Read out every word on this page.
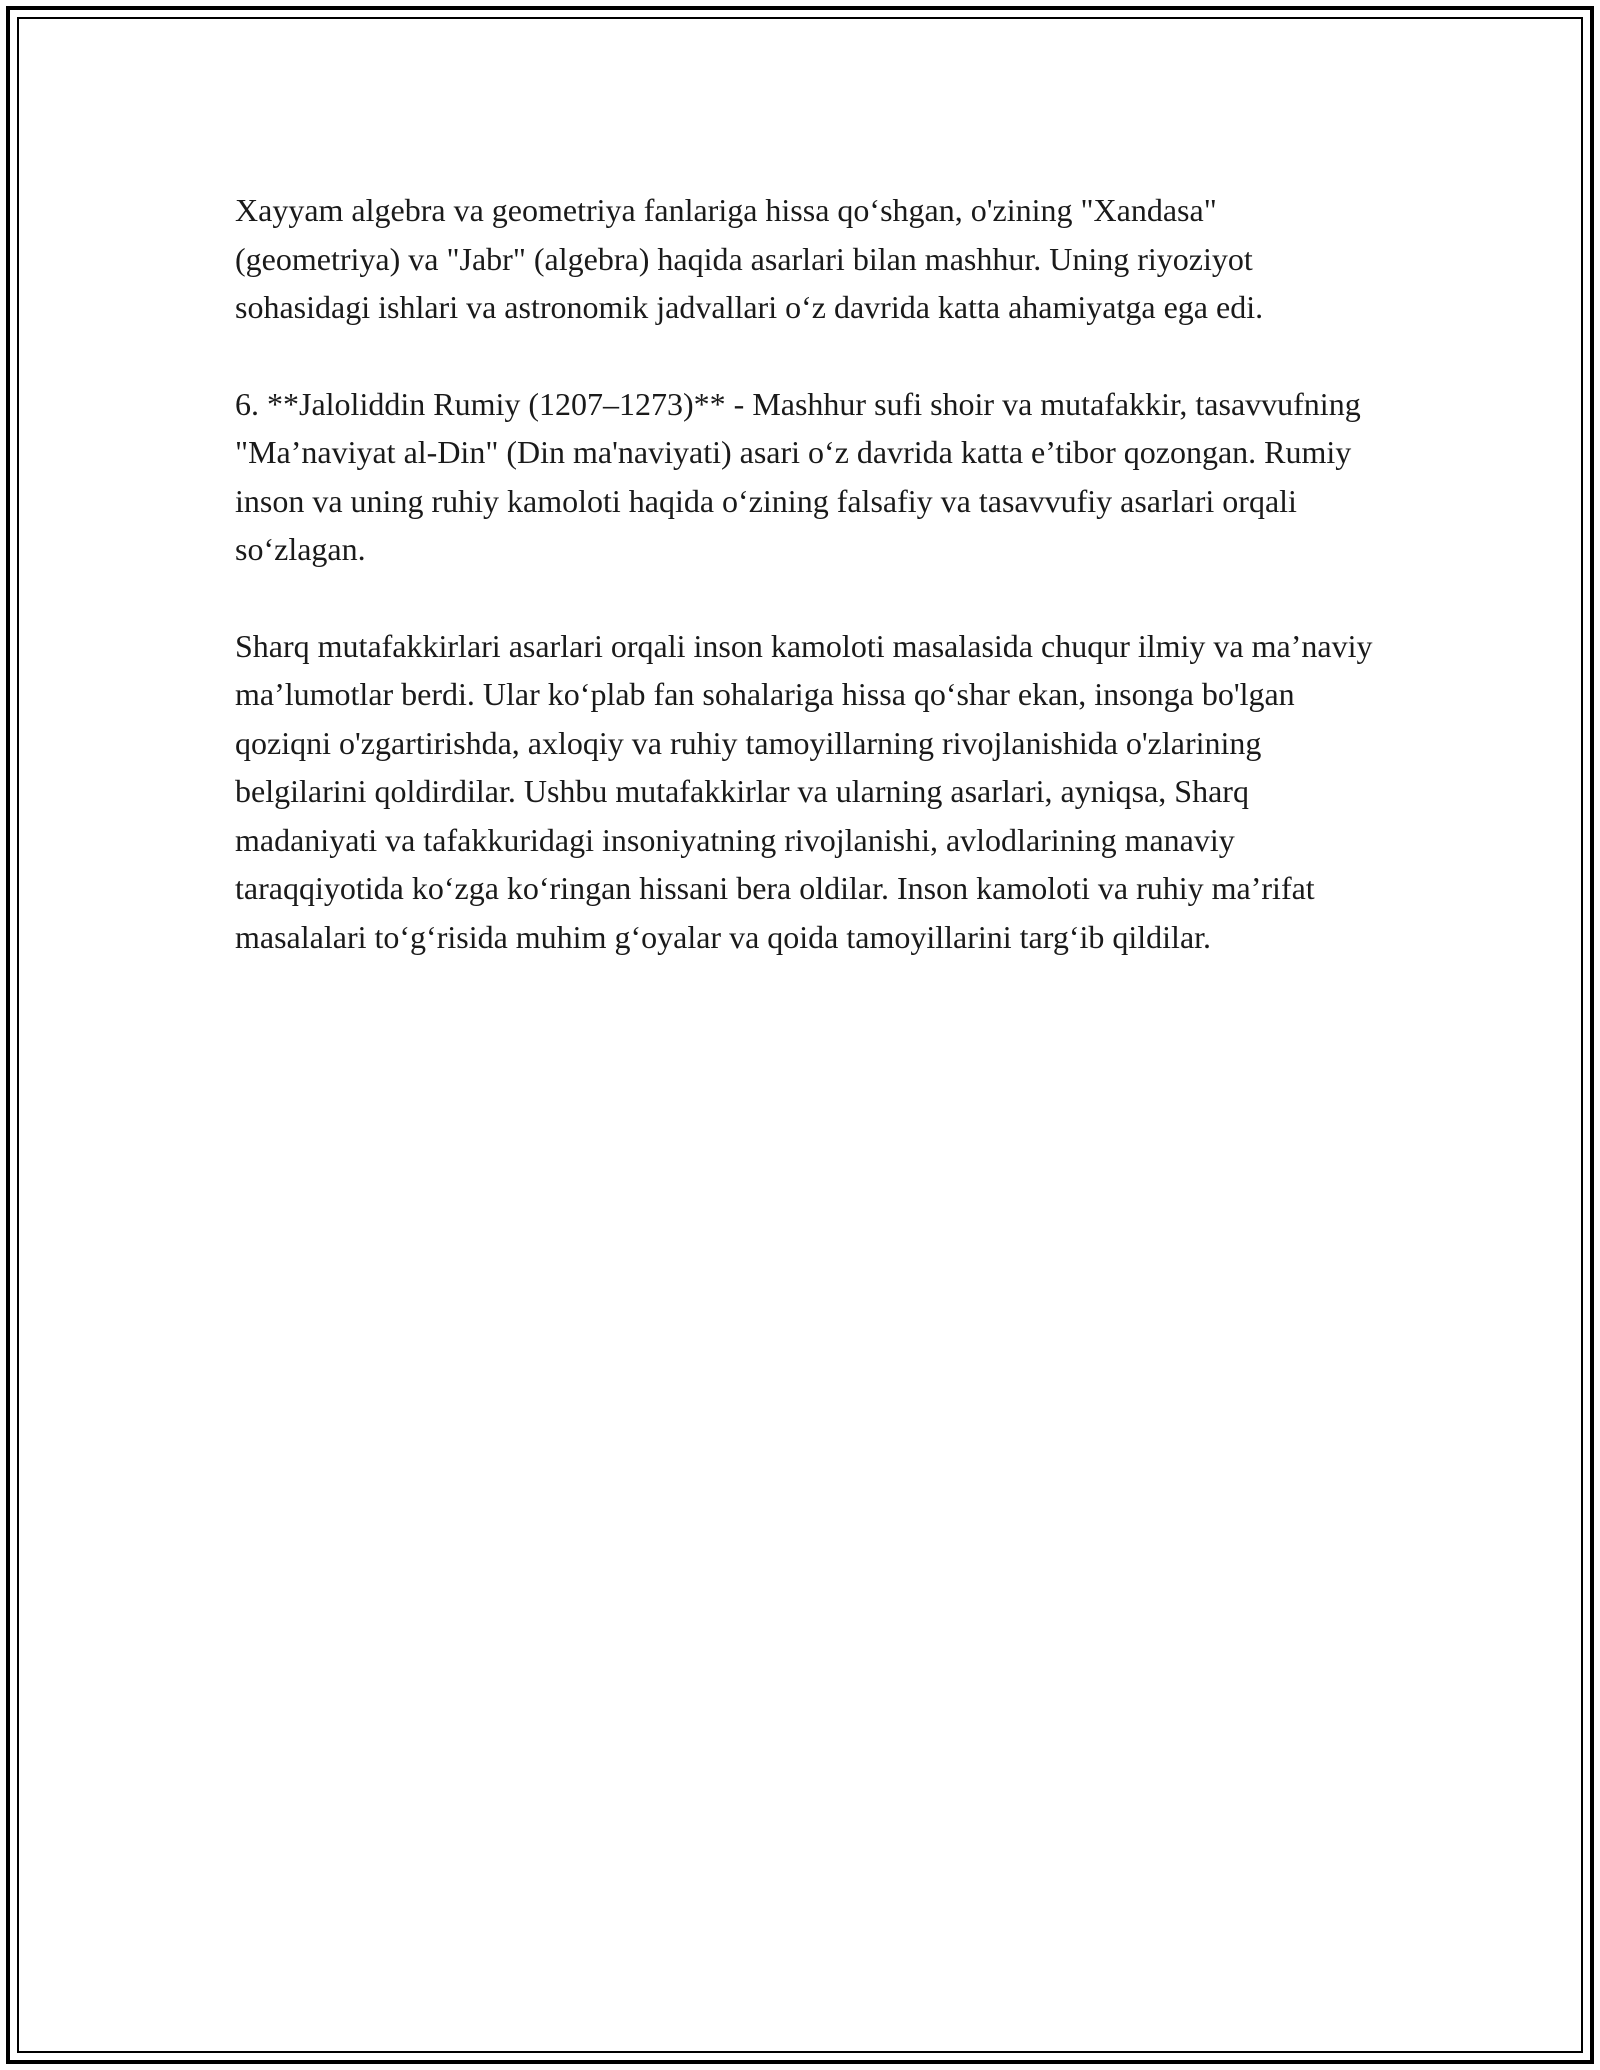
Xayyam algebra va geometriya fanlariga hissa qo‘shgan, o'zining "Xandasa" (geometriya) va "Jabr" (algebra) haqida asarlari bilan mashhur. Uning riyoziyot sohasidagi ishlari va astronomik jadvallari o‘z davrida katta ahamiyatga ega edi.

6. **Jaloliddin Rumiy (1207–1273)** - Mashhur sufi shoir va mutafakkir, tasavvufning "Ma’naviyat al-Din" (Din ma'naviyati) asari o‘z davrida katta e’tibor qozongan. Rumiy inson va uning ruhiy kamoloti haqida o‘zining falsafiy va tasavvufiy asarlari orqali so‘zlagan.

Sharq mutafakkirlari asarlari orqali inson kamoloti masalasida chuqur ilmiy va ma’naviy ma’lumotlar berdi. Ular ko‘plab fan sohalariga hissa qo‘shar ekan, insonga bo'lgan qoziqni o'zgartirishda, axloqiy va ruhiy tamoyillarning rivojlanishida o'zlarining belgilarini qoldirdilar. Ushbu mutafakkirlar va ularning asarlari, ayniqsa, Sharq madaniyati va tafakkuridagi insoniyatning rivojlanishi, avlodlarining manaviy taraqqiyotida ko‘zga ko‘ringan hissani bera oldilar. Inson kamoloti va ruhiy ma’rifat masalalari to‘g‘risida muhim g‘oyalar va qoida tamoyillarini targ‘ib qildilar.
